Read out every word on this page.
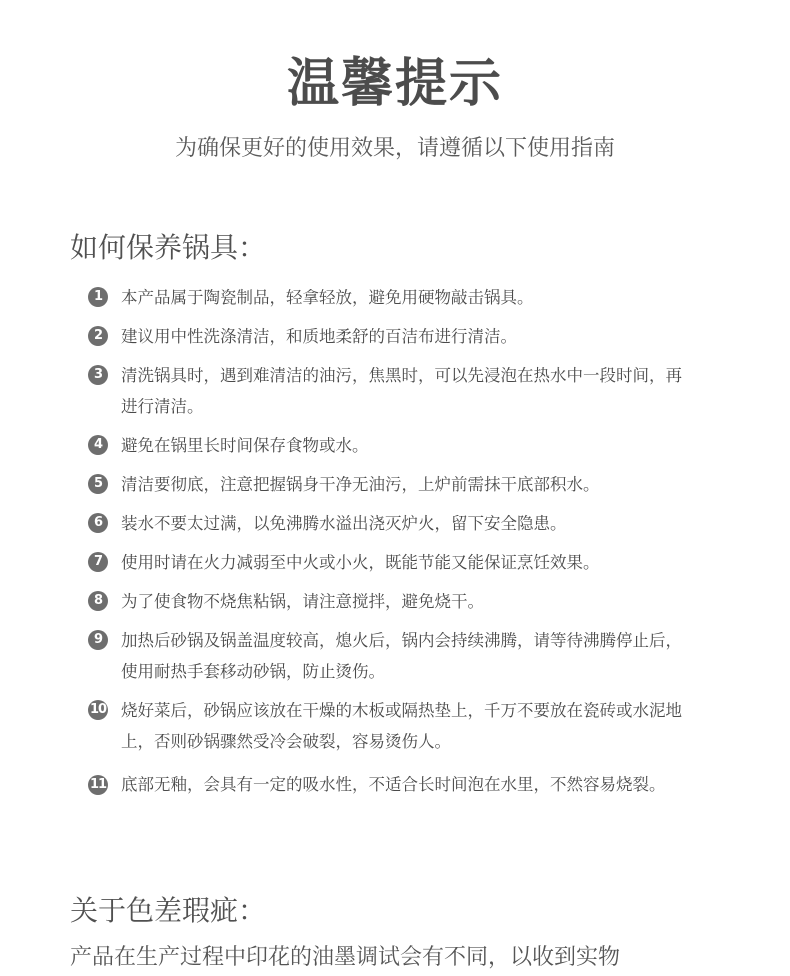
温馨提示
为确保更好的使用效果，请遵循以下使用指南
如何保养锅具：
1	本产品属于陶瓷制品，轻拿轻放，避免用硬物敲击锅具。
2	建议用中性洗涤清洁，和质地柔舒的百洁布进行清洁。
3	清洗锅具时，遇到难清洁的油污，焦黑时，可以先浸泡在热水中一段时间，再进行清洁。
4	避免在锅里长时间保存食物或水。
5	清洁要彻底，注意把握锅身干净无油污，上炉前需抹干底部积水。
6	装水不要太过满，以免沸腾水溢出浇灭炉火，留下安全隐患。
7	使用时请在火力减弱至中火或小火，既能节能又能保证烹饪效果。
8	为了使食物不烧焦粘锅，请注意搅拌，避免烧干。
9	加热后砂锅及锅盖温度较高，熄火后，锅内会持续沸腾，请等待沸腾停止后，使用耐热手套移动砂锅，防止烫伤。
10 烧好菜后，砂锅应该放在干燥的木板或隔热垫上，千万不要放在瓷砖或水泥地上，否则砂锅骤然受冷会破裂，容易烫伤人。
11 底部无釉，会具有一定的吸水性，不适合长时间泡在水里，不然容易烧裂。
关于色差瑕疵：
产品在生产过程中印花的油墨调试会有不同，以收到实物
